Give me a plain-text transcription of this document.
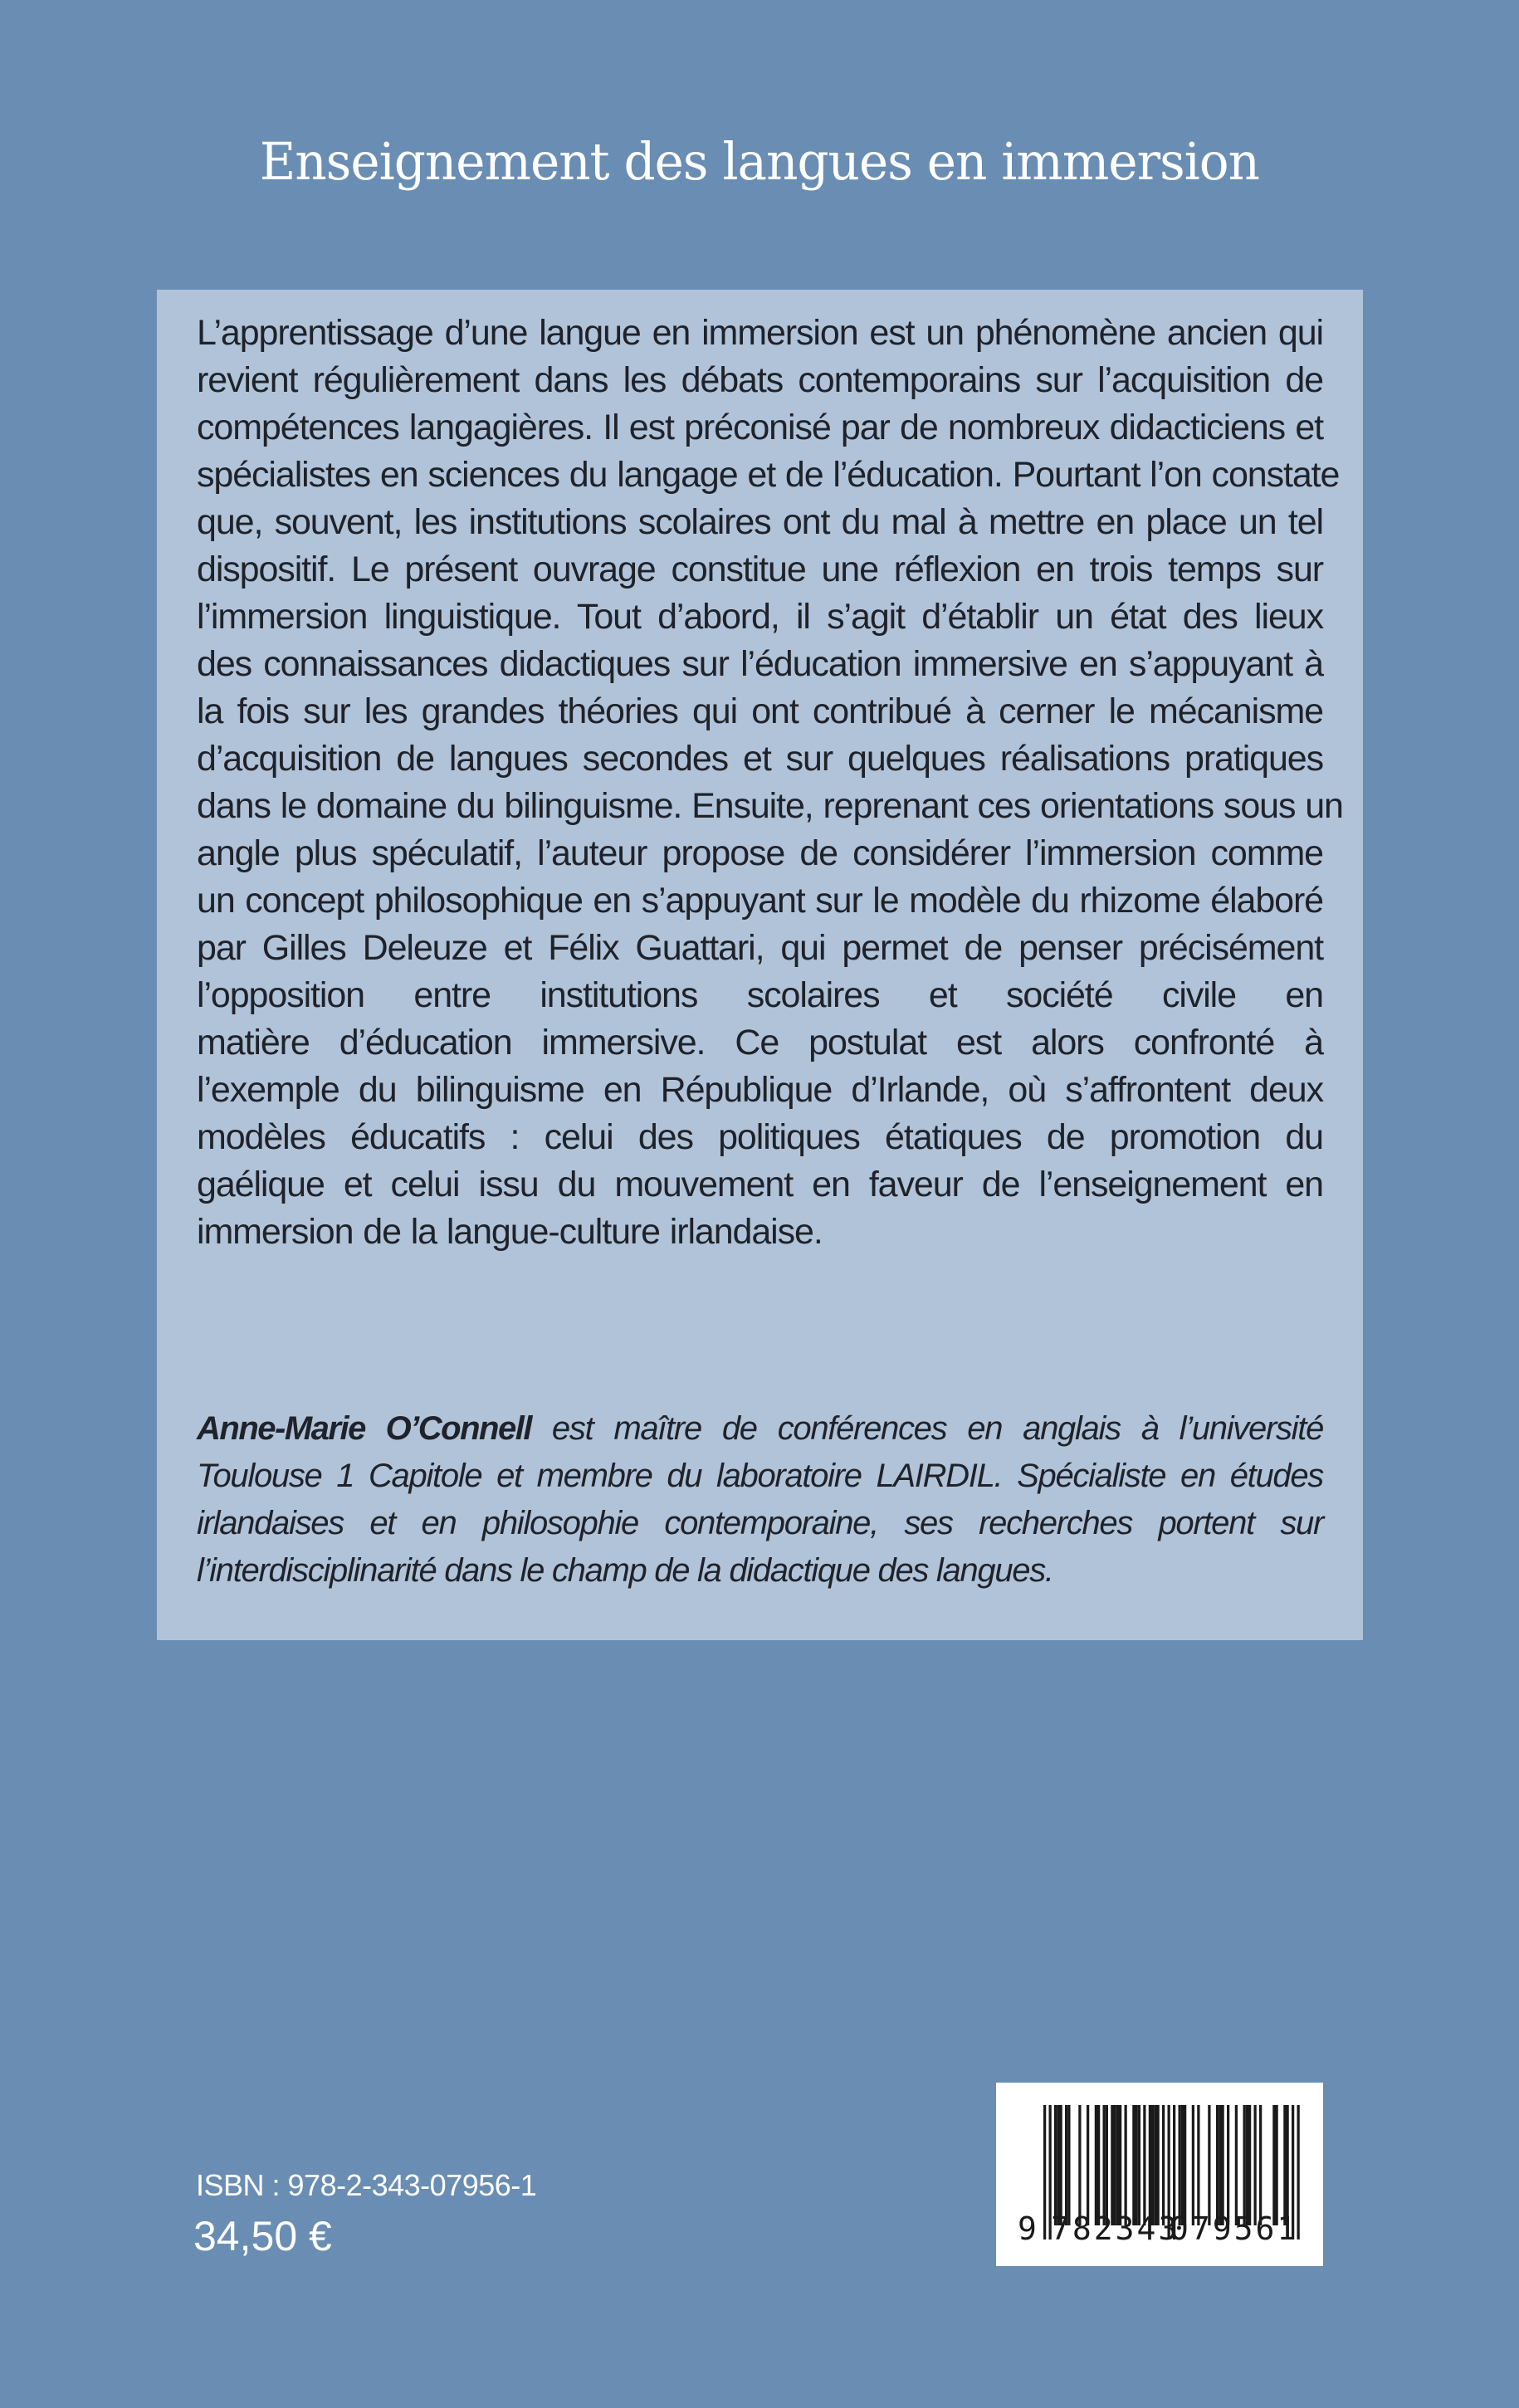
Enseignement des langues en immersion

L’apprentissage d’une langue en immersion est un phénomène ancien qui
revient régulièrement dans les débats contemporains sur l’acquisition de
compétences langagières. Il est préconisé par de nombreux didacticiens et
spécialistes en sciences du langage et de l’éducation. Pourtant l’on constate
que, souvent, les institutions scolaires ont du mal à mettre en place un tel
dispositif. Le présent ouvrage constitue une réflexion en trois temps sur
l’immersion linguistique. Tout d’abord, il s’agit d’établir un état des lieux
des connaissances didactiques sur l’éducation immersive en s’appuyant à
la fois sur les grandes théories qui ont contribué à cerner le mécanisme
d’acquisition de langues secondes et sur quelques réalisations pratiques
dans le domaine du bilinguisme. Ensuite, reprenant ces orientations sous un
angle plus spéculatif, l’auteur propose de considérer l’immersion comme
un concept philosophique en s’appuyant sur le modèle du rhizome élaboré
par Gilles Deleuze et Félix Guattari, qui permet de penser précisément
l’opposition entre institutions scolaires et société civile en
matière d’éducation immersive. Ce postulat est alors confronté à
l’exemple du bilinguisme en République d’Irlande, où s’affrontent deux
modèles éducatifs : celui des politiques étatiques de promotion du
gaélique et celui issu du mouvement en faveur de l’enseignement en
immersion de la langue-culture irlandaise.

Anne-Marie O’Connell est maître de conférences en anglais à l’université
Toulouse 1 Capitole et membre du laboratoire LAIRDIL. Spécialiste en études
irlandaises et en philosophie contemporaine, ses recherches portent sur
l’interdisciplinarité dans le champ de la didactique des langues.

ISBN : 978-2-343-07956-1

34,50 €

	9

782343

079561
